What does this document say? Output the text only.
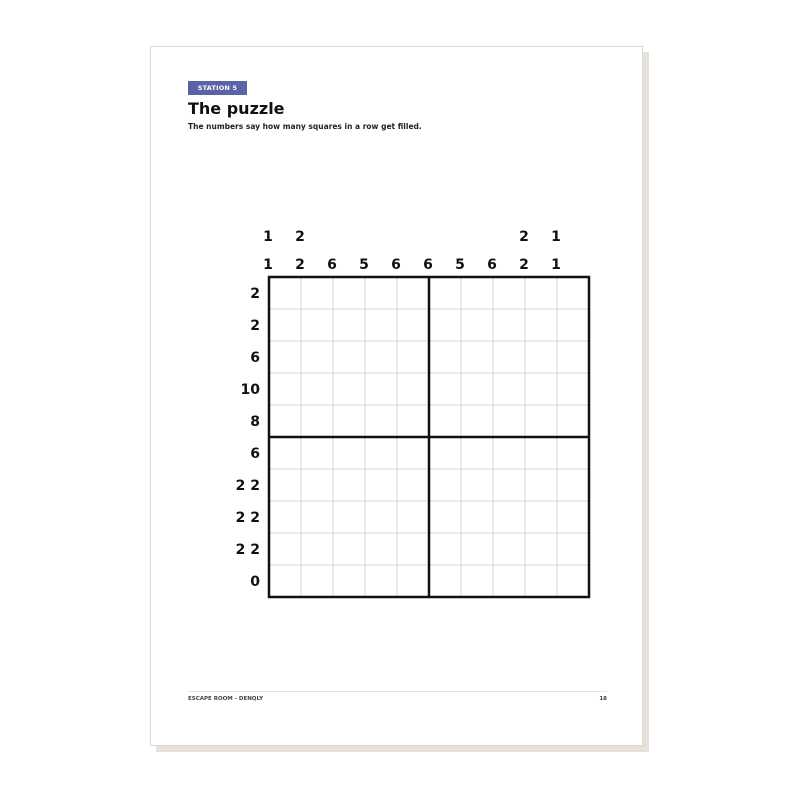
STATION 5
The puzzle
The numbers say how many squares in a row get filled.
ESCAPE ROOM - DENQLY	18
1
1
2
2 6 5 6 6 5 6
2
2
1
1
2
2
6
10
8
6
2 2
2 2
2 2
0
